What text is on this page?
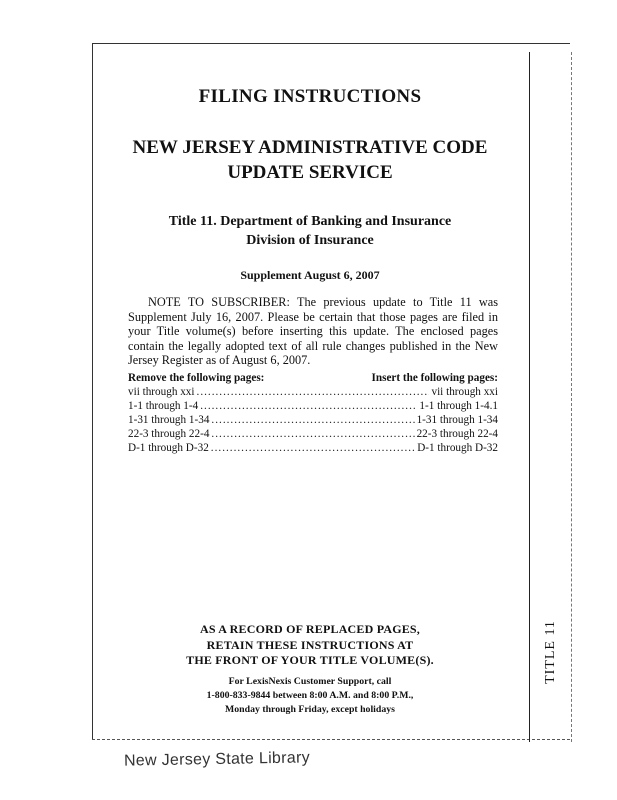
TITLE 11
FILING INSTRUCTIONS
NEW JERSEY ADMINISTRATIVE CODE
UPDATE SERVICE
Title 11. Department of Banking and Insurance
Division of Insurance
Supplement August 6, 2007
NOTE TO SUBSCRIBER: The previous update to Title 11 was Supplement July 16, 2007. Please be certain that those pages are filed in your Title volume(s) before inserting this update. The enclosed pages contain the legally adopted text of all rule changes published in the New Jersey Register as of August 6, 2007.
Remove the following pages:	Insert the following pages:
vii through xxi .....	vii through xxi
1-1 through 1-4 .....	1-1 through 1-4.1
1-31 through 1-34 .....	1-31 through 1-34
22-3 through 22-4 .....	22-3 through 22-4
D-1 through D-32 .....	D-1 through D-32
AS A RECORD OF REPLACED PAGES,
RETAIN THESE INSTRUCTIONS AT
THE FRONT OF YOUR TITLE VOLUME(S).
For LexisNexis Customer Support, call
1-800-833-9844 between 8:00 A.M. and 8:00 P.M.,
Monday through Friday, except holidays
New Jersey State Library
